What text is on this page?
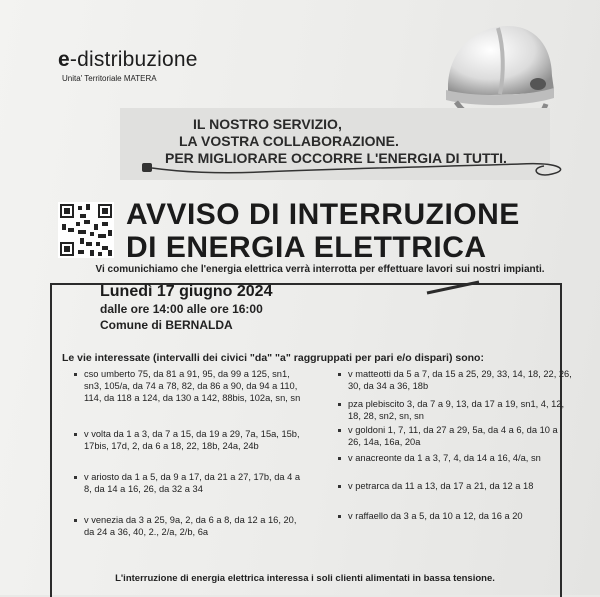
e-distribuzione
Unita' Territoriale MATERA
IL NOSTRO SERVIZIO,
LA VOSTRA COLLABORAZIONE.
PER MIGLIORARE OCCORRE L'ENERGIA DI TUTTI.
AVVISO DI INTERRUZIONE
DI ENERGIA ELETTRICA
Vi comunichiamo che l'energia elettrica verrà interrotta per effettuare lavori sui nostri impianti.
Lunedì 17 giugno 2024
dalle ore 14:00 alle ore 16:00
Comune di BERNALDA
Le vie interessate (intervalli dei civici "da" "a" raggruppati per pari e/o dispari) sono:
cso umberto 75, da 81 a 91, 95, da 99 a 125, sn1, sn3, 105/a, da 74 a 78, 82, da 86 a 90, da 94 a 110, 114, da 118 a 124, da 130 a 142, 88bis, 102a, sn, sn
v volta da 1 a 3, da 7 a 15, da 19 a 29, 7a, 15a, 15b, 17bis, 17d, 2, da 6 a 18, 22, 18b, 24a, 24b
v ariosto da 1 a 5, da 9 a 17, da 21 a 27, 17b, da 4 a 8, da 14 a 16, 26, da 32 a 34
v venezia da 3 a 25, 9a, 2, da 6 a 8, da 12 a 16, 20, da 24 a 36, 40, 2., 2/a, 2/b, 6a
v matteotti da 5 a 7, da 15 a 25, 29, 33, 14, 18, 22, 26, 30, da 34 a 36, 18b
pza plebiscito 3, da 7 a 9, 13, da 17 a 19, sn1, 4, 12, 18, 28, sn2, sn, sn
v goldoni 1, 7, 11, da 27 a 29, 5a, da 4 a 6, da 10 a 26, 14a, 16a, 20a
v anacreonte da 1 a 3, 7, 4, da 14 a 16, 4/a, sn
v petrarca da 11 a 13, da 17 a 21, da 12 a 18
v raffaello da 3 a 5, da 10 a 12, da 16 a 20
L'interruzione di energia elettrica interessa i soli clienti alimentati in bassa tensione.
